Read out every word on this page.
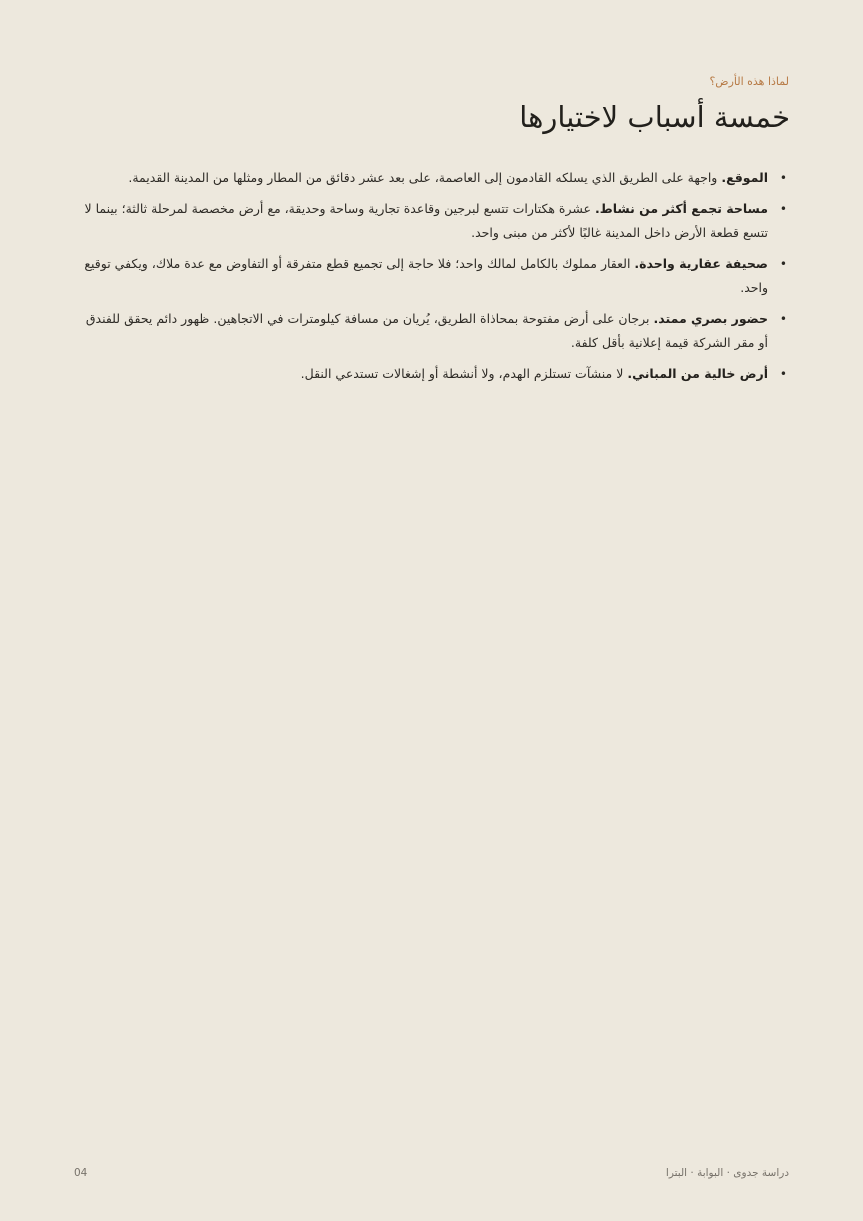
لماذا هذه الأرض؟
خمسة أسباب لاختيارها
•
الموقع. واجهة على الطريق الذي يسلكه القادمون إلى العاصمة، على بعد عشر دقائق من المطار ومثلها من المدينة القديمة.
•
مساحة تجمع أكثر من نشاط. عشرة هكتارات تتسع لبرجين وقاعدة تجارية وساحة وحديقة، مع أرض مخصصة لمرحلة ثالثة؛ بينما لا تتسع قطعة الأرض داخل المدينة غالبًا لأكثر من مبنى واحد.
•
صحيفة عقارية واحدة. العقار مملوك بالكامل لمالك واحد؛ فلا حاجة إلى تجميع قطع متفرقة أو التفاوض مع عدة ملاك، ويكفي توقيع واحد.
•
حضور بصري ممتد. برجان على أرض مفتوحة بمحاذاة الطريق، يُريان من مسافة كيلومترات في الاتجاهين. ظهور دائم يحقق للفندق أو مقر الشركة قيمة إعلانية بأقل كلفة.
•
أرض خالية من المباني. لا منشآت تستلزم الهدم، ولا أنشطة أو إشغالات تستدعي النقل.
دراسة جدوى · البوابة · البترا
04
